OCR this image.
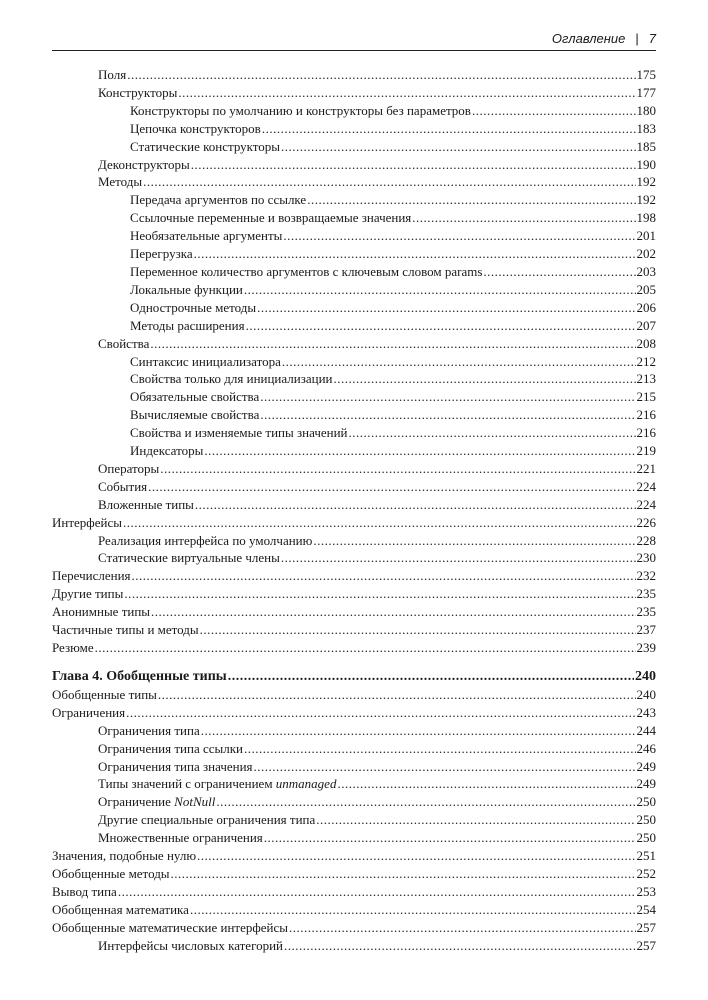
Оглавление | 7
Поля .....	175
Конструкторы .....	177
Конструкторы по умолчанию и конструкторы без параметров .....	180
Цепочка конструкторов .....	183
Статические конструкторы .....	185
Деконструкторы .....	190
Методы .....	192
Передача аргументов по ссылке .....	192
Ссылочные переменные и возвращаемые значения .....	198
Необязательные аргументы .....	201
Перегрузка .....	202
Переменное количество аргументов с ключевым словом params .....	203
Локальные функции .....	205
Однострочные методы .....	206
Методы расширения .....	207
Свойства .....	208
Синтаксис инициализатора .....	212
Свойства только для инициализации .....	213
Обязательные свойства .....	215
Вычисляемые свойства .....	216
Свойства и изменяемые типы значений .....	216
Индексаторы .....	219
Операторы .....	221
События .....	224
Вложенные типы .....	224
Интерфейсы .....	226
Реализация интерфейса по умолчанию .....	228
Статические виртуальные члены .....	230
Перечисления .....	232
Другие типы .....	235
Анонимные типы .....	235
Частичные типы и методы .....	237
Резюме .....	239
Глава 4. Обобщенные типы .....	240
Обобщенные типы .....	240
Ограничения .....	243
Ограничения типа .....	244
Ограничения типа ссылки .....	246
Ограничения типа значения .....	249
Типы значений с ограничением unmanaged .....	249
Ограничение NotNull .....	250
Другие специальные ограничения типа .....	250
Множественные ограничения .....	250
Значения, подобные нулю .....	251
Обобщенные методы .....	252
Вывод типа .....	253
Обобщенная математика .....	254
Обобщенные математические интерфейсы .....	257
Интерфейсы числовых категорий .....	257
